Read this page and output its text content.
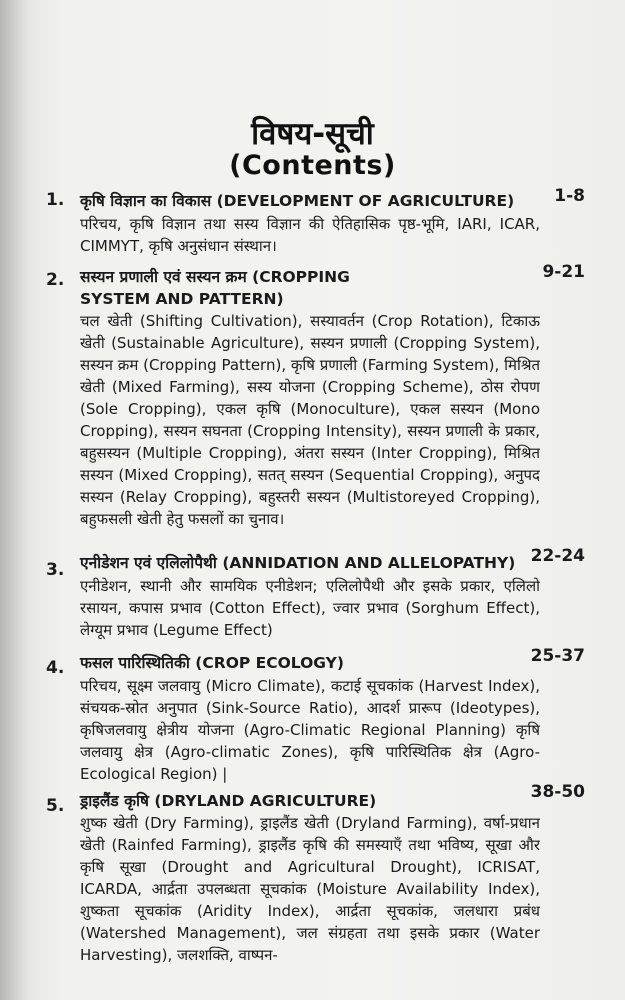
विषय-सूची
(Contents)
1.	1-8
कृषि विज्ञान का विकास (DEVELOPMENT OF AGRICULTURE)
परिचय, कृषि विज्ञान तथा सस्य विज्ञान की ऐतिहासिक पृष्ठ-भूमि, IARI, ICAR, CIMMYT, कृषि अनुसंधान संस्थान।
2.	9-21
सस्यन प्रणाली एवं सस्यन क्रम (CROPPING SYSTEM AND PATTERN)
चल खेती (Shifting Cultivation), सस्यावर्तन (Crop Rotation), टिकाऊ खेती (Sustainable Agriculture), सस्यन प्रणाली (Cropping System), सस्यन क्रम (Cropping Pattern), कृषि प्रणाली (Farming System), मिश्रित खेती (Mixed Farming), सस्य योजना (Cropping Scheme), ठोस रोपण (Sole Cropping), एकल कृषि (Monoculture), एकल सस्यन (Mono Cropping), सस्यन सघनता (Cropping Intensity), सस्यन प्रणाली के प्रकार, बहुसस्यन (Multiple Cropping), अंतरा सस्यन (Inter Cropping), मिश्रित सस्यन (Mixed Cropping), सतत् सस्यन (Sequential Cropping), अनुपद सस्यन (Relay Cropping), बहुस्तरी सस्यन (Multistoreyed Cropping), बहुफसली खेती हेतु फसलों का चुनाव।
3.
22-24
एनीडेशन एवं एलिलोपैथी (ANNIDATION AND ALLELOPATHY)
एनीडेशन, स्थानी और सामयिक एनीडेशन; एलिलोपैथी और इसके प्रकार, एलिलो रसायन, कपास प्रभाव (Cotton Effect), ज्वार प्रभाव (Sorghum Effect), लेग्यूम प्रभाव (Legume Effect)
4.
25-37
फसल पारिस्थितिकी (CROP ECOLOGY)
परिचय, सूक्ष्म जलवायु (Micro Climate), कटाई सूचकांक (Harvest Index), संचयक-स्रोत अनुपात (Sink-Source Ratio), आदर्श प्रारूप (Ideotypes), कृषिजलवायु क्षेत्रीय योजना (Agro-Climatic Regional Planning) कृषि जलवायु क्षेत्र (Agro-climatic Zones), कृषि पारिस्थितिक क्षेत्र (Agro-Ecological Region) |
5.
38-50
ड्राइलैंड कृषि (DRYLAND AGRICULTURE)
शुष्क खेती (Dry Farming), ड्राइलैंड खेती (Dryland Farming), वर्षा-प्रधान खेती (Rainfed Farming), ड्राइलैंड कृषि की समस्याएँ तथा भविष्य, सूखा और कृषि सूखा (Drought and Agricultural Drought), ICRISAT, ICARDA, आर्द्रता उपलब्धता सूचकांक (Moisture Availability Index), शुष्कता सूचकांक (Aridity Index), आर्द्रता सूचकांक, जलधारा प्रबंध (Watershed Management), जल संग्रहता तथा इसके प्रकार (Water Harvesting), जलशक्ति, वाष्पन-
